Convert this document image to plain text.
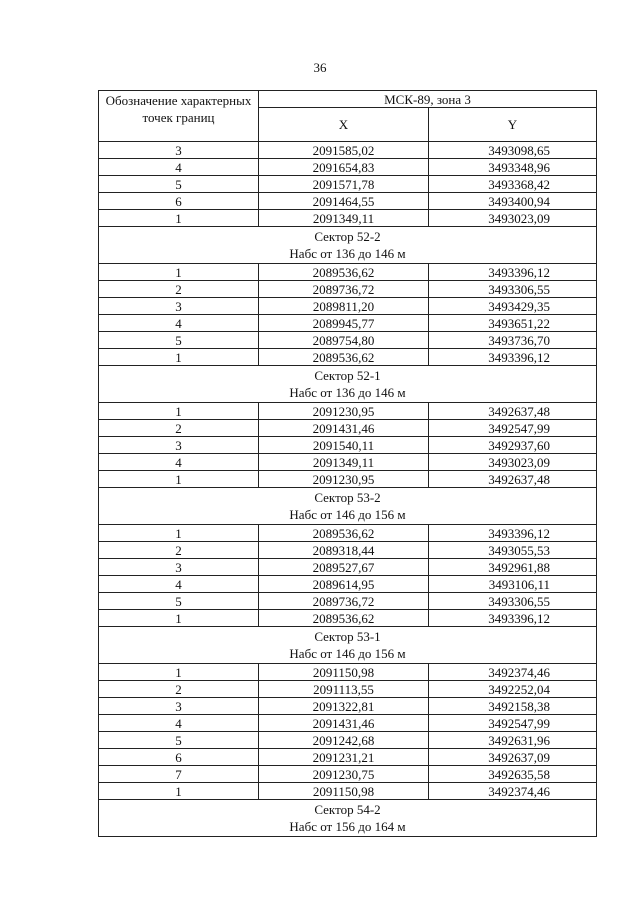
36
Обозначение характерных точек границ	МСК-89, зона 3	
	X	Y
3	2091585,02	3493098,65
4	2091654,83	3493348,96
5	2091571,78	3493368,42
6	2091464,55	3493400,94
1	2091349,11	3493023,09

Сектор 52-2
Набс от 136 до 146 м		

1	2089536,62	3493396,12
2	2089736,72	3493306,55
3	2089811,20	3493429,35
4	2089945,77	3493651,22
5	2089754,80	3493736,70
1	2089536,62	3493396,12

Сектор 52-1
Набс от 136 до 146 м		

1	2091230,95	3492637,48
2	2091431,46	3492547,99
3	2091540,11	3492937,60
4	2091349,11	3493023,09
1	2091230,95	3492637,48

Сектор 53-2
Набс от 146 до 156 м		

1	2089536,62	3493396,12
2	2089318,44	3493055,53
3	2089527,67	3492961,88
4	2089614,95	3493106,11
5	2089736,72	3493306,55
1	2089536,62	3493396,12

Сектор 53-1
Набс от 146 до 156 м		

1	2091150,98	3492374,46
2	2091113,55	3492252,04
3	2091322,81	3492158,38
4	2091431,46	3492547,99
5	2091242,68	3492631,96
6	2091231,21	3492637,09
7	2091230,75	3492635,58
1	2091150,98	3492374,46

Сектор 54-2
Набс от 156 до 164 м		
